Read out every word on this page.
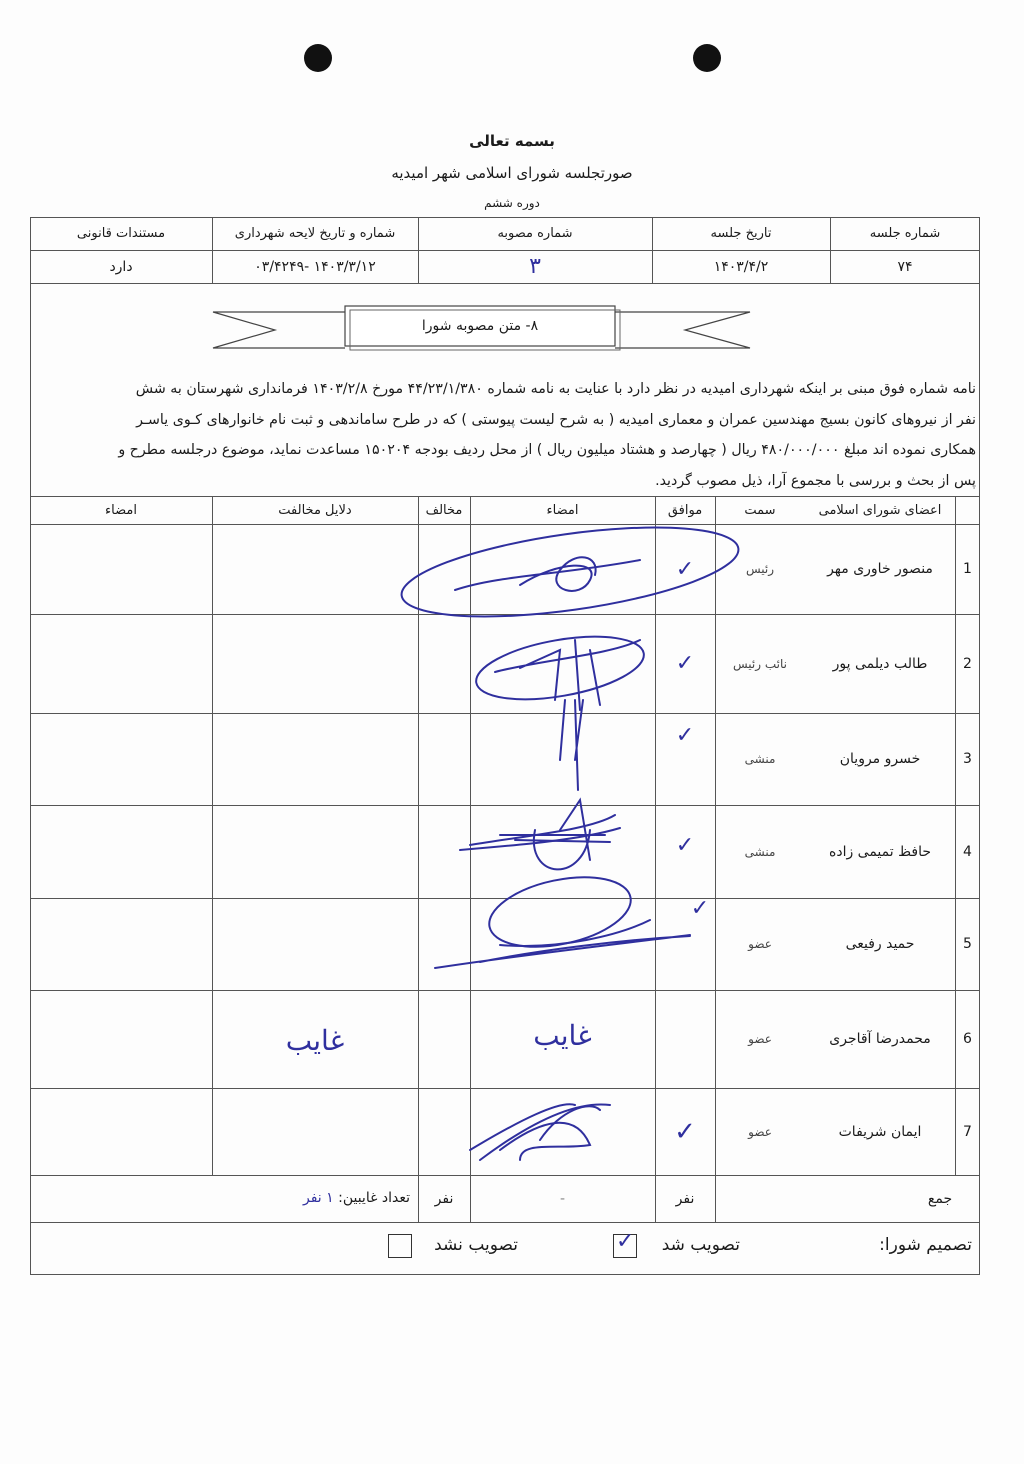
بسمه تعالی
صورتجلسه شورای اسلامی شهر امیدیه
دوره ششم
شماره جلسه
تاریخ جلسه
شماره مصوبه
شماره و تاریخ لایحه شهرداری
مستندات قانونی
۷۴
۱۴۰۳/۴/۲
۳
۱۴۰۳/۳/۱۲ -۰۳/۴۲۴۹
دارد
۸- متن مصوبه شورا

نامه شماره فوق مبنی بر اینکه شهرداری امیدیه در نظر دارد با عنایت به نامه شماره ۴۴/۲۳/۱/۳۸۰ مورخ ۱۴۰۳/۲/۸ فرمانداری شهرستان به شش

نفر از نیروهای کانون بسیج مهندسین عمران و معماری امیدیه ( به شرح لیست پیوستی ) که در طرح ساماندهی و ثبت نام خانوارهای کـوی یاسـر

همکاری نموده اند مبلغ ۴۸۰/۰۰۰/۰۰۰ ریال ( چهارصد و هشتاد میلیون ریال ) از محل ردیف بودجه ۱۵۰۲۰۴ مساعدت نماید، موضوع درجلسه مطرح و

پس از بحث و بررسی با مجموع آرا، ذیل مصوب گردید.

اعضای شورای اسلامی
سمت
موافق
امضاء
مخالف
دلایل مخالفت
امضاء
1
منصور خاوری مهر
رئیس
✓
2
طالب دیلمی پور
نائب رئیس
✓
3
خسرو مرویان
منشی
✓
4
حافظ تمیمی زاده
منشی
✓
5
حمید رفیعی
عضو
✓
6
محمدرضا آقاجری
عضو
غایب
غایب
7
ایمان شریفات
عضو
✓
جمع
نفر
-
نفر
تعداد غایبین: ۱ نفر
تصمیم شورا:
تصویب شد
✓
تصویب نشد
